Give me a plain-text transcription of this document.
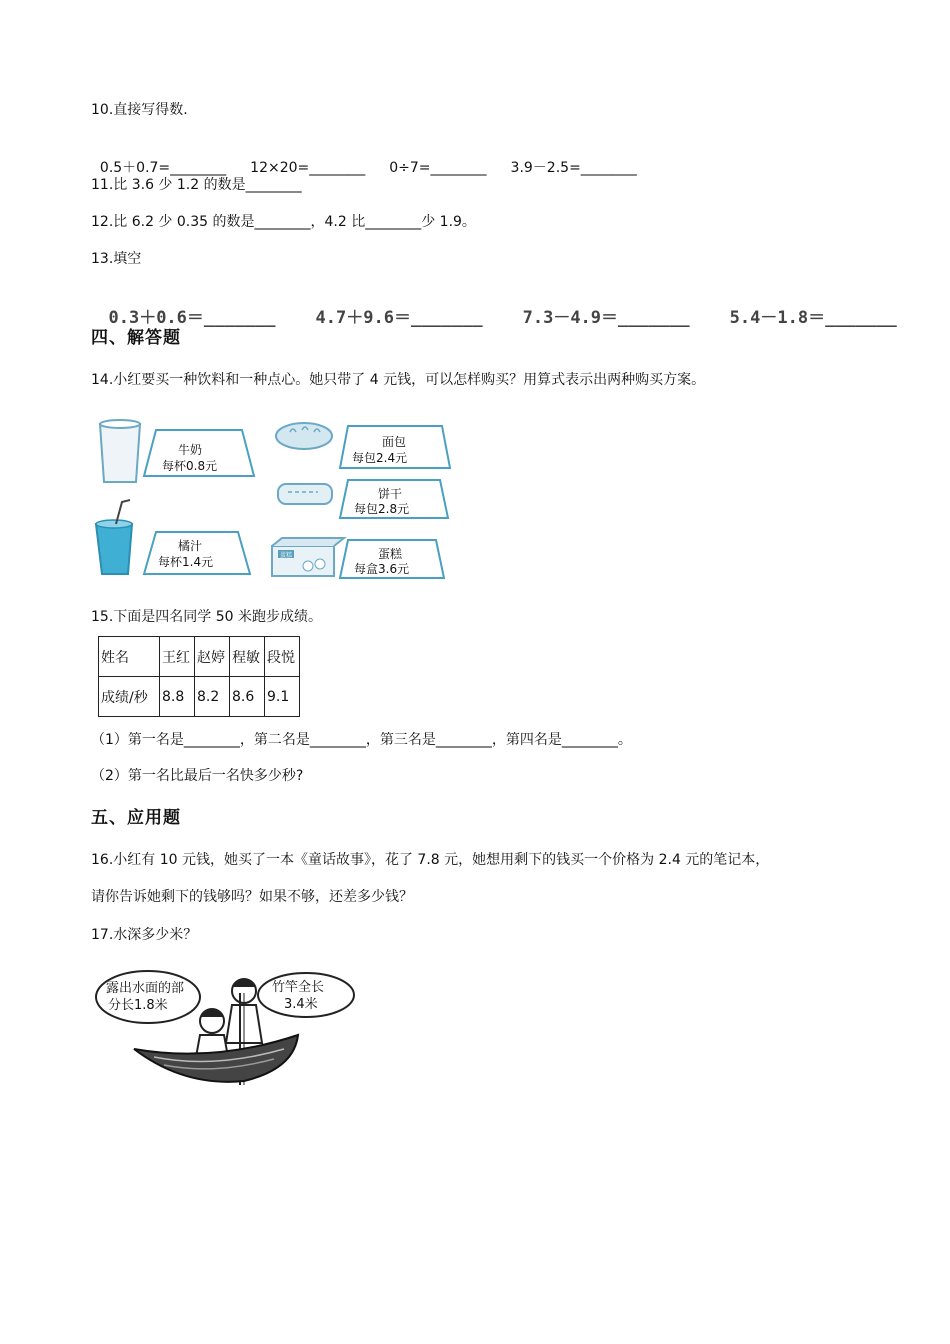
10.直接写得数.

0.5＋0.7=________ 12×20=________ 0÷7=________ 3.9－2.5=________

11.比 3.6 少 1.2 的数是________
12.比 6.2 少 0.35 的数是________，4.2 比________少 1.9。
13.填空

0.3＋0.6＝_______ 4.7＋9.6＝_______ 7.3－4.9＝_______ 5.4－1.8＝_______

四、解答题
14.小红要买一种饮料和一种点心。她只带了 4 元钱，可以怎样购买？用算式表示出两种购买方案。
牛奶
每杯0.8元
面包
每包2.4元
饼干
每包2.8元
橘汁
每杯1.4元	蛋糕	蛋糕
每盒3.6元
15.下面是四名同学 50 米跑步成绩。
姓名	王红	赵婷	程敏	段悦
成绩/秒	8.8	8.2	8.6	9.1
（1）第一名是________，第二名是________，第三名是________，第四名是________。
（2）第一名比最后一名快多少秒?
五、应用题
16.小红有 10 元钱，她买了一本《童话故事》，花了 7.8 元，她想用剩下的钱买一个价格为 2.4 元的笔记本，
请你告诉她剩下的钱够吗？如果不够，还差多少钱？
17.水深多少米？
露出水面的部
分长1.8米
竹竿全长
3.4米
